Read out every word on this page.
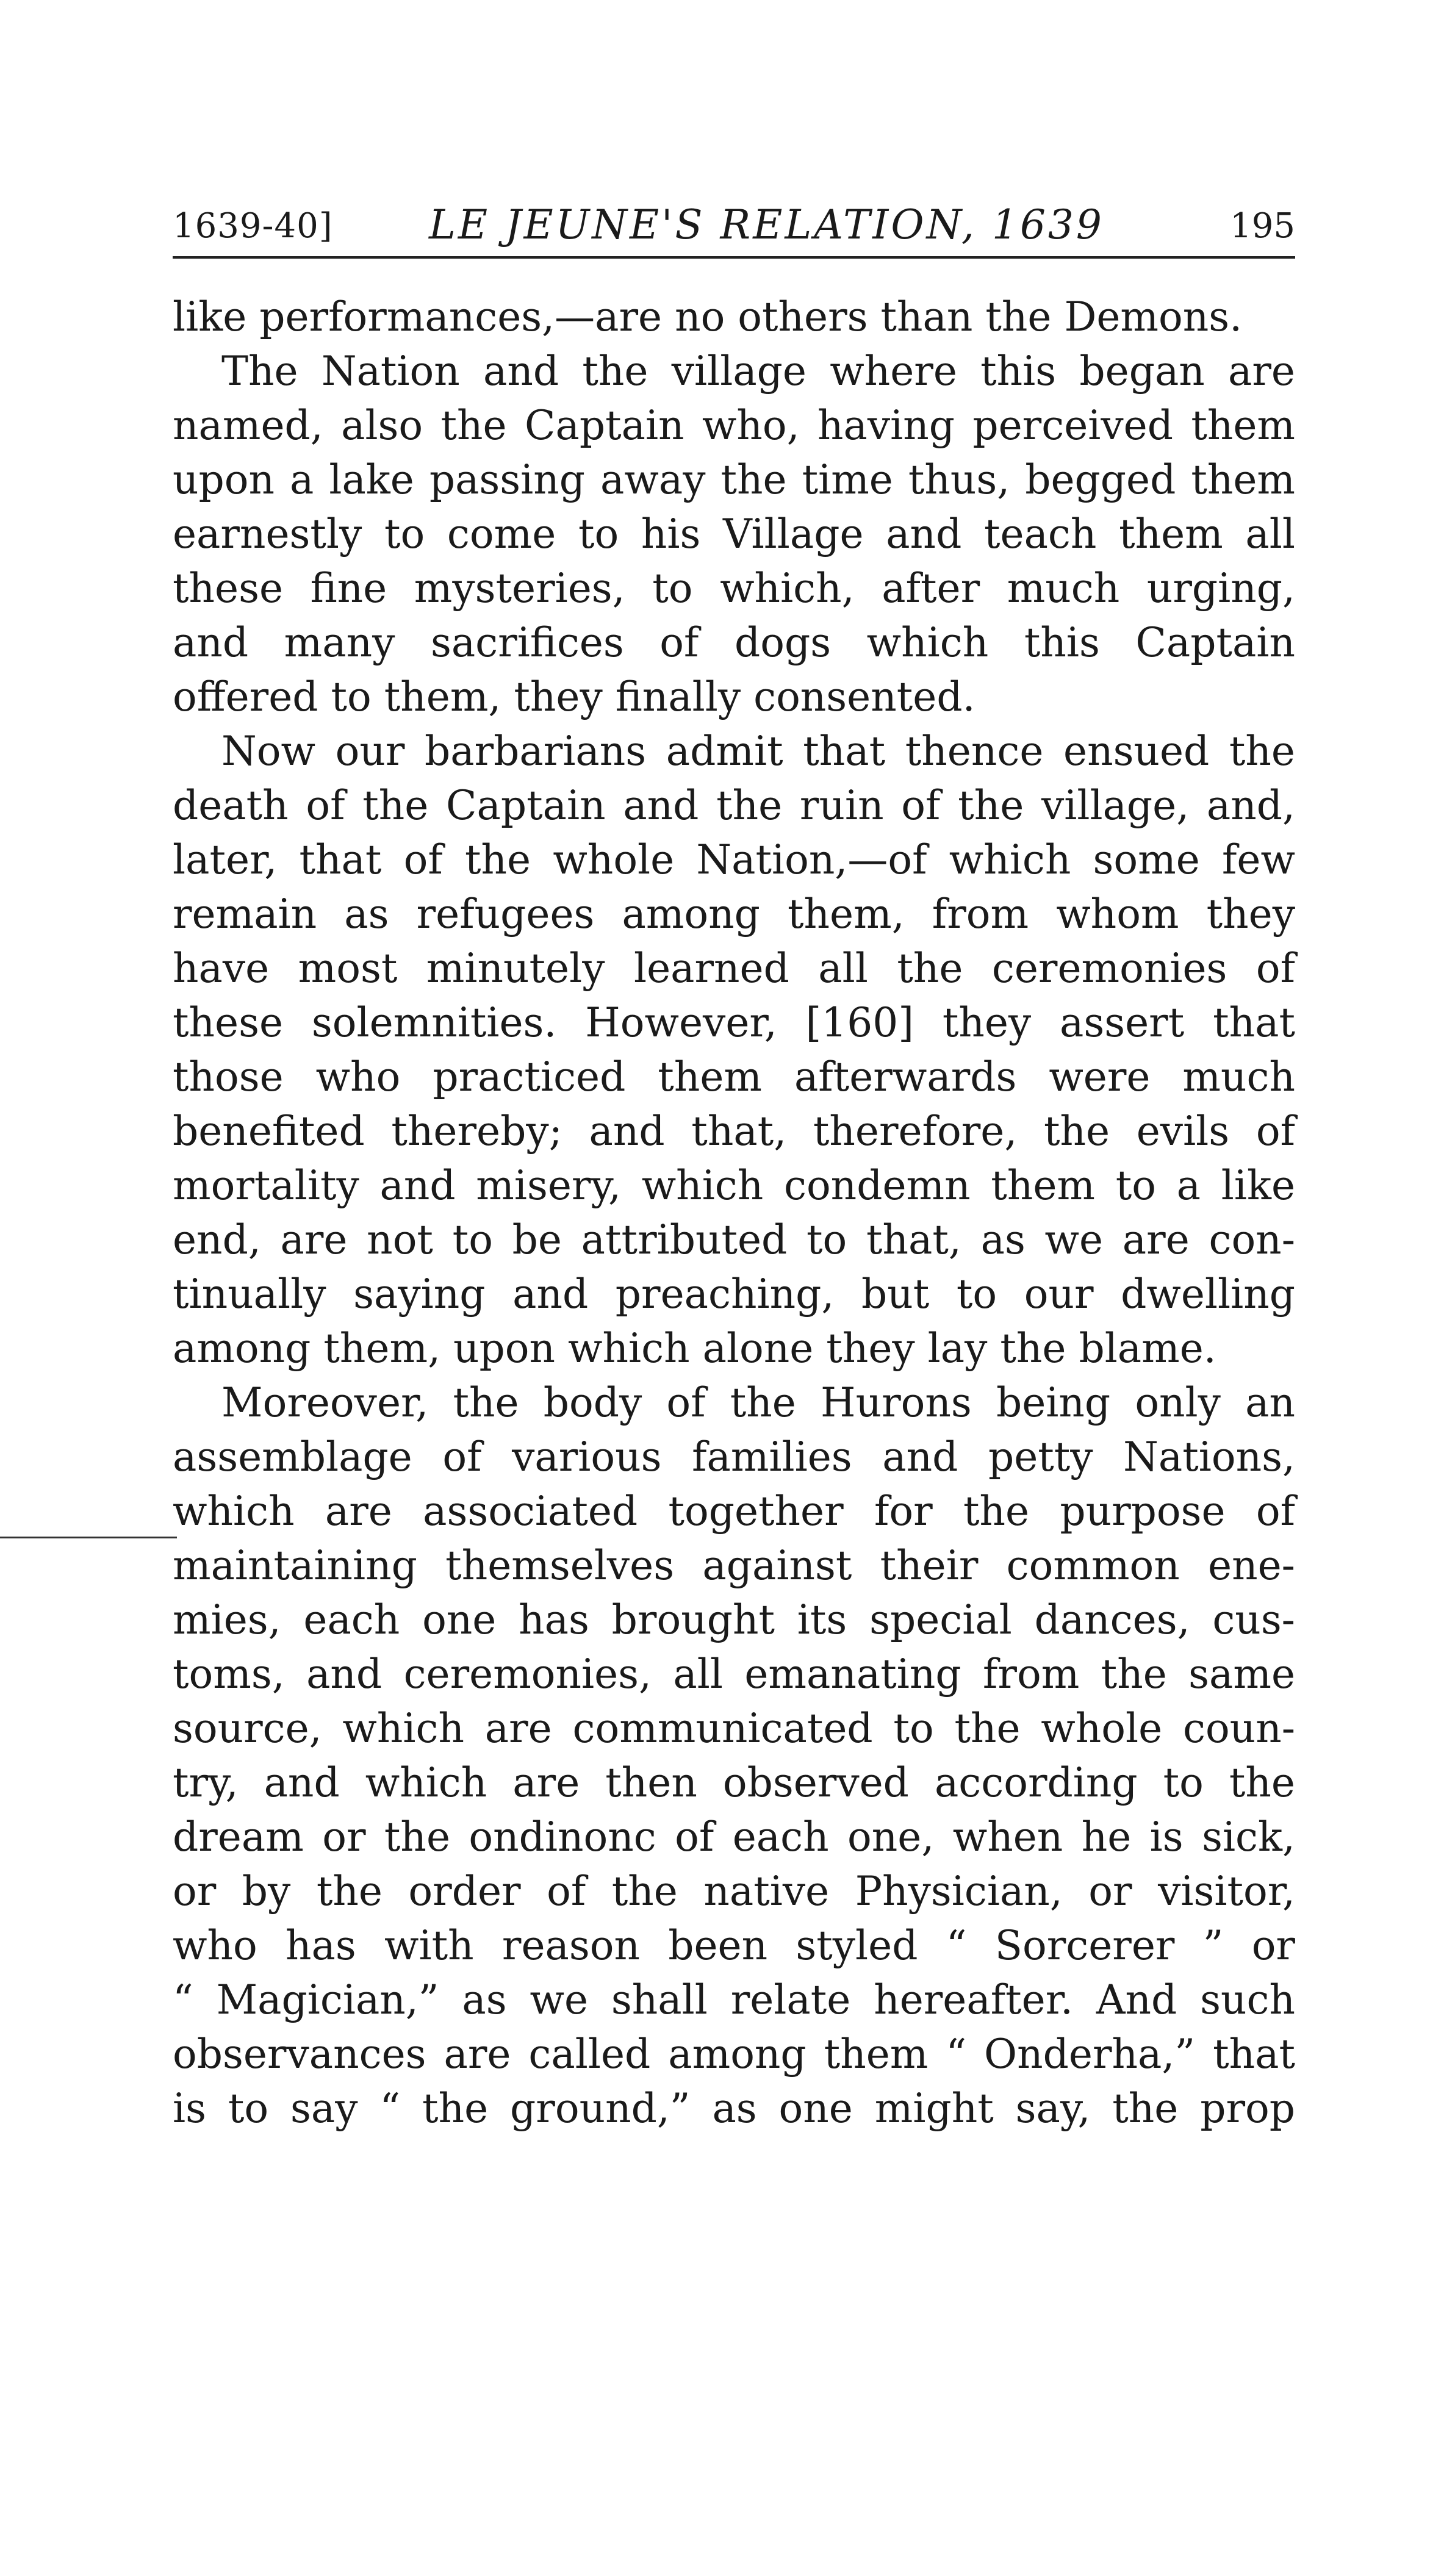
1639-40] LE JEUNE'S RELATION, 1639	195
like performances,—are no others than the Demons.
The Nation and the village where this began are
named, also the Captain who, having perceived them
upon a lake passing away the time thus, begged them
earnestly to come to his Village and teach them all
these fine mysteries, to which, after much urging,
and many sacrifices of dogs which this Captain
offered to them, they finally consented.
Now our barbarians admit that thence ensued the
death of the Captain and the ruin of the village, and,
later, that of the whole Nation,—of which some few
remain as refugees among them, from whom they
have most minutely learned all the ceremonies of
these solemnities. However, [160] they assert that
those who practiced them afterwards were much
benefited thereby; and that, therefore, the evils of
mortality and misery, which condemn them to a like
end, are not to be attributed to that, as we are con-
tinually saying and preaching, but to our dwelling
among them, upon which alone they lay the blame.
Moreover, the body of the Hurons being only an
assemblage of various families and petty Nations,
which are associated together for the purpose of
maintaining themselves against their common ene-
mies, each one has brought its special dances, cus-
toms, and ceremonies, all emanating from the same
source, which are communicated to the whole coun-
try, and which are then observed according to the
dream or the ondinonc of each one, when he is sick,
or by the order of the native Physician, or visitor,
who has with reason been styled “ Sorcerer ” or
“ Magician,” as we shall relate hereafter. And such
observances are called among them “ Onderha,” that
is to say “ the ground,” as one might say, the prop
